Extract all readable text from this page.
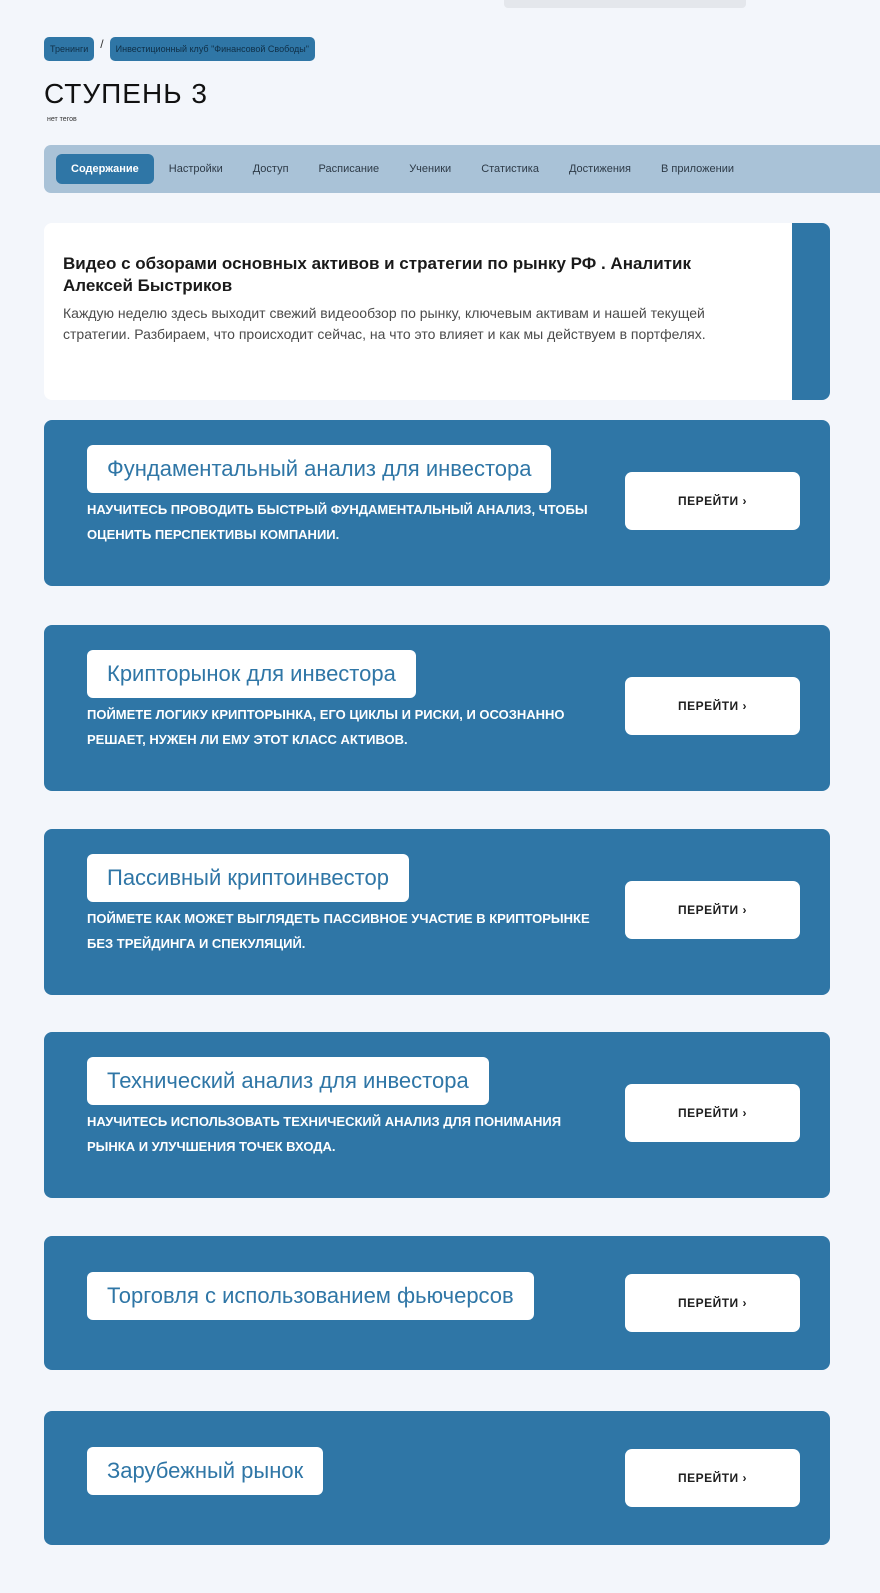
Тренинги	/	Инвестиционный клуб "Финансовой Свободы"
СТУПЕНЬ 3
нет тегов
Содержание	Настройки	Доступ	Расписание	Ученики	Статистика	Достижения	В приложении
Видео с обзорами основных активов и стратегии по рынку РФ . Аналитик Алексей Быстриков
Каждую неделю здесь выходит свежий видеообзор по рынку, ключевым активам и нашей текущей стратегии. Разбираем, что происходит сейчас, на что это влияет и как мы действуем в портфелях.
Фундаментальный анализ для инвестора
НАУЧИТЕСЬ ПРОВОДИТЬ БЫСТРЫЙ ФУНДАМЕНТАЛЬНЫЙ АНАЛИЗ, ЧТОБЫ
ОЦЕНИТЬ ПЕРСПЕКТИВЫ КОМПАНИИ.
ПЕРЕЙТИ ›
Крипторынок для инвестора
ПОЙМЕТЕ ЛОГИКУ КРИПТОРЫНКА, ЕГО ЦИКЛЫ И РИСКИ, И ОСОЗНАННО
РЕШАЕТ, НУЖЕН ЛИ ЕМУ ЭТОТ КЛАСС АКТИВОВ.
ПЕРЕЙТИ ›
Пассивный криптоинвестор
ПОЙМЕТЕ КАК МОЖЕТ ВЫГЛЯДЕТЬ ПАССИВНОЕ УЧАСТИЕ В КРИПТОРЫНКЕ
БЕЗ ТРЕЙДИНГА И СПЕКУЛЯЦИЙ.
ПЕРЕЙТИ ›
Технический анализ для инвестора
НАУЧИТЕСЬ ИСПОЛЬЗОВАТЬ ТЕХНИЧЕСКИЙ АНАЛИЗ ДЛЯ ПОНИМАНИЯ
РЫНКА И УЛУЧШЕНИЯ ТОЧЕК ВХОДА.
ПЕРЕЙТИ ›
Торговля с использованием фьючерсов	ПЕРЕЙТИ ›
Зарубежный рынок	ПЕРЕЙТИ ›
